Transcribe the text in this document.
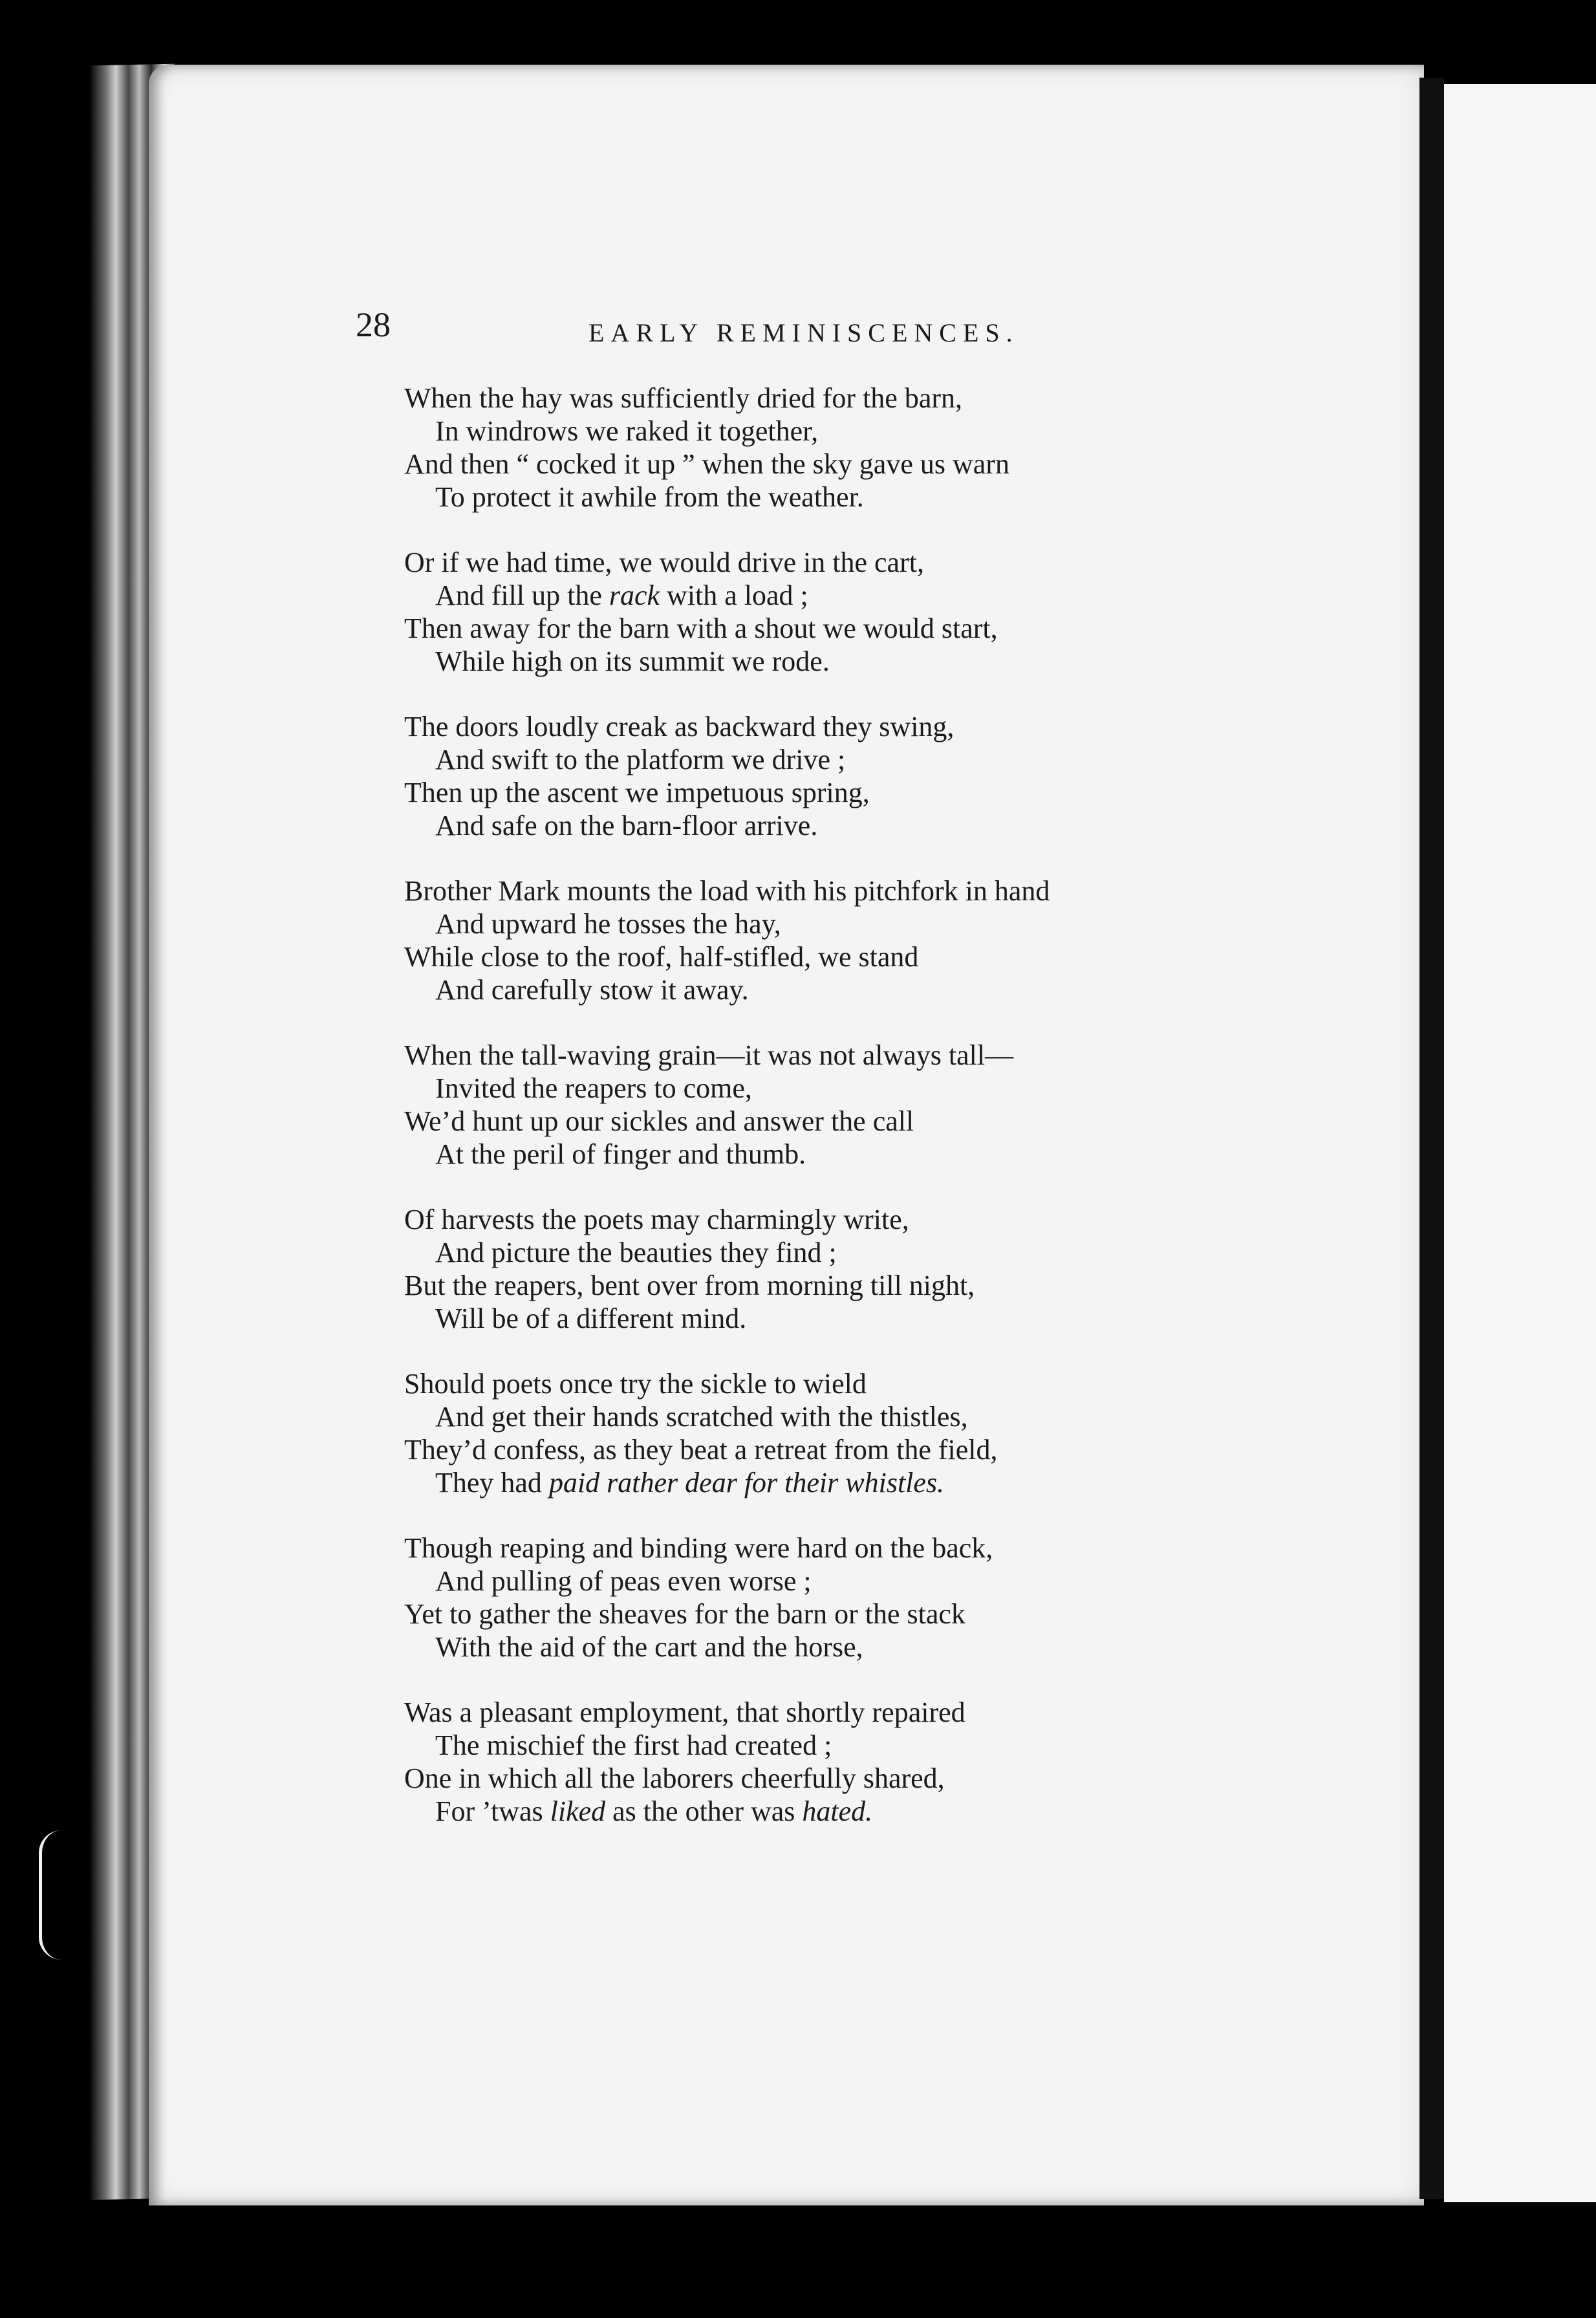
28	EARLY REMINISCENCES.

When the hay was sufficiently dried for the barn,
In windrows we raked it together,
And then “ cocked it up ” when the sky gave us warn
To protect it awhile from the weather.
Or if we had time, we would drive in the cart,
And fill up the rack with a load ;
Then away for the barn with a shout we would start,
While high on its summit we rode.
The doors loudly creak as backward they swing,
And swift to the platform we drive ;
Then up the ascent we impetuous spring,
And safe on the barn-floor arrive.
Brother Mark mounts the load with his pitchfork in hand
And upward he tosses the hay,
While close to the roof, half-stifled, we stand
And carefully stow it away.
When the tall-waving grain—it was not always tall—
Invited the reapers to come,
We’d hunt up our sickles and answer the call
At the peril of finger and thumb.
Of harvests the poets may charmingly write,
And picture the beauties they find ;
But the reapers, bent over from morning till night,
Will be of a different mind.
Should poets once try the sickle to wield
And get their hands scratched with the thistles,
They’d confess, as they beat a retreat from the field,
They had paid rather dear for their whistles.
Though reaping and binding were hard on the back,
And pulling of peas even worse ;
Yet to gather the sheaves for the barn or the stack
With the aid of the cart and the horse,
Was a pleasant employment, that shortly repaired
The mischief the first had created ;
One in which all the laborers cheerfully shared,
For ’twas liked as the other was hated.
